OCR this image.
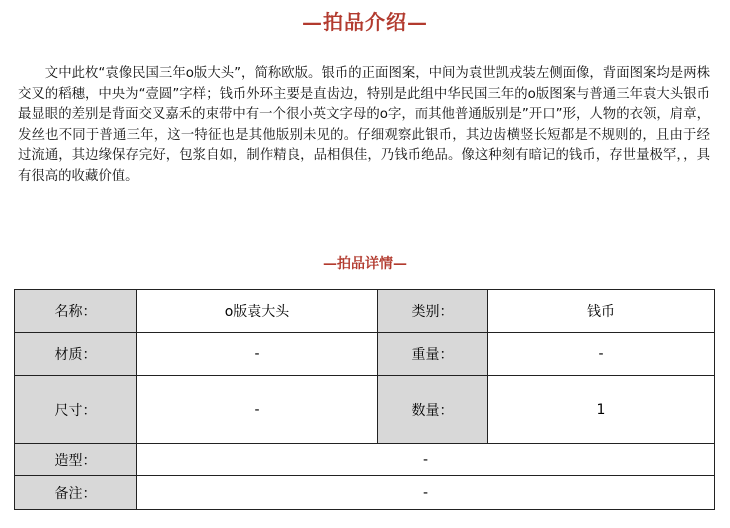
—拍品介绍—

文中此枚“袁像民国三年o版大头”，简称欧版。银币的正面图案，中间为袁世凯戎装左侧面像，背面图案均是两株交叉的稻穗，中央为“壹圆”字样；钱币外环主要是直齿边，特别是此组中华民国三年的o版图案与普通三年袁大头银币最显眼的差别是背面交叉嘉禾的束带中有一个很小英文字母的o字，而其他普通版别是”开口”形，人物的衣领，肩章，发丝也不同于普通三年，这一特征也是其他版别未见的。仔细观察此银币，其边齿横竖长短都是不规则的，且由于经过流通，其边缘保存完好，包浆自如，制作精良，品相俱佳，乃钱币绝品。像这种刻有暗记的钱币，存世量极罕，，具有很高的收藏价值。

—拍品详情—
名称：	o版袁大头	类别：	钱币
材质：	-	重量：	-
尺寸：	-	数量：	1
造型：	-		
备注：	-		
